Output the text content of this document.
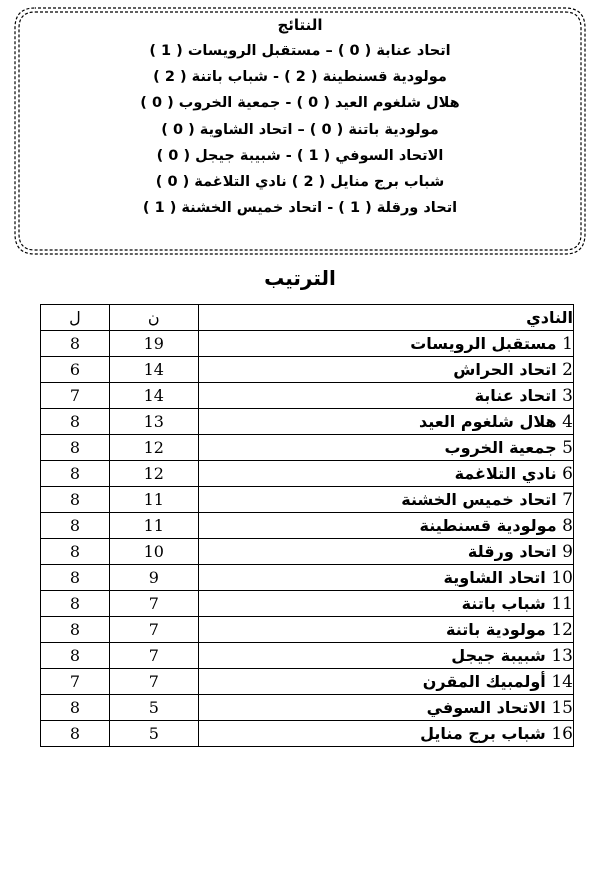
النتائج
اتحاد عنابة ( 0 ) – مستقبل الرويسات ( 1 )
مولودية قسنطينة ( 2 ) - شباب باتنة ( 2 )
هلال شلغوم العيد ( 0 ) - جمعية الخروب ( 0 )
مولودية باتنة ( 0 ) – اتحاد الشاوية ( 0 )
الاتحاد السوفي ( 1 ) - شبيبة جيجل ( 0 )
شباب برج منايل ( 2 ) نادي التلاغمة ( 0 )
اتحاد ورقلة ( 1 ) - اتحاد خميس الخشنة ( 1 )
الترتيب
النادي	ن	ل
1 مستقبل الرويسات	19	8
2 اتحاد الحراش	14	6
3 اتحاد عنابة	14	7
4 هلال شلغوم العيد	13	8
5 جمعية الخروب	12	8
6 نادي التلاغمة	12	8
7 اتحاد خميس الخشنة	11	8
8 مولودية قسنطينة	11	8
9 اتحاد ورقلة	10	8
10 اتحاد الشاوية	9	8
11 شباب باتنة	7	8
12 مولودية باتنة	7	8
13 شبيبة جيجل	7	8
14 أولمبيك المقرن	7	7
15 الاتحاد السوفي	5	8
16 شباب برج منايل	5	8
